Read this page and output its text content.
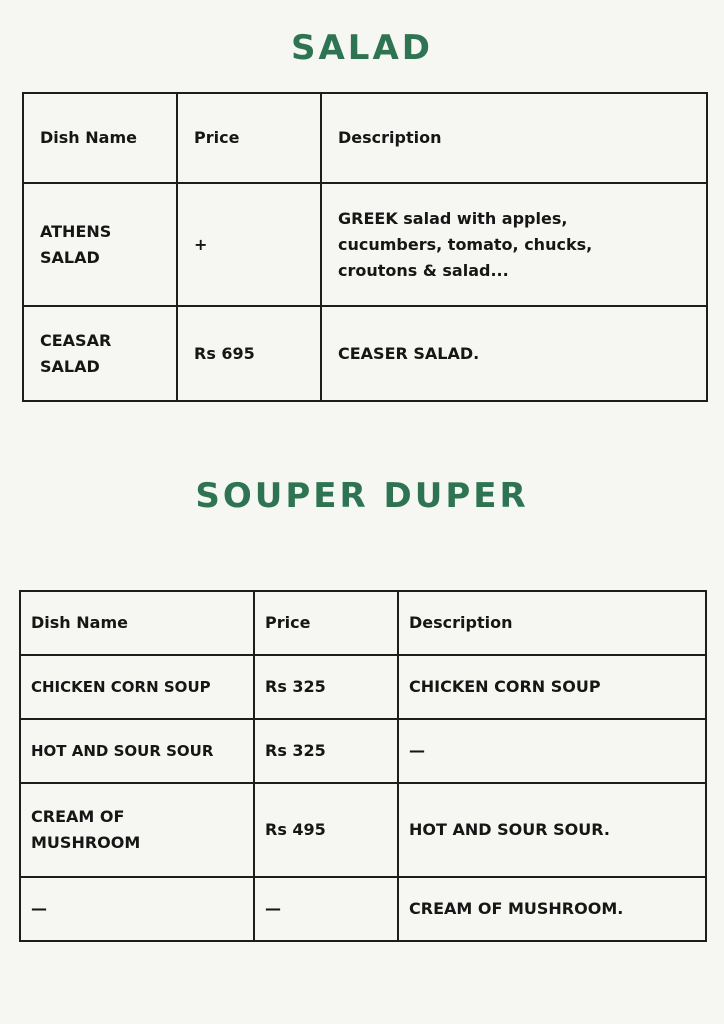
SALAD
Dish Name	Price	Description
ATHENS SALAD	+	GREEK salad with apples, cucumbers, tomato, chucks, croutons & salad...
CEASAR SALAD	Rs 695	CEASER SALAD.
SOUPER DUPER
Dish Name	Price	Description
CHICKEN CORN SOUP	Rs 325	CHICKEN CORN SOUP
HOT AND SOUR SOUR	Rs 325	—
CREAM OF MUSHROOM	Rs 495	HOT AND SOUR SOUR.
—	—	CREAM OF MUSHROOM.
